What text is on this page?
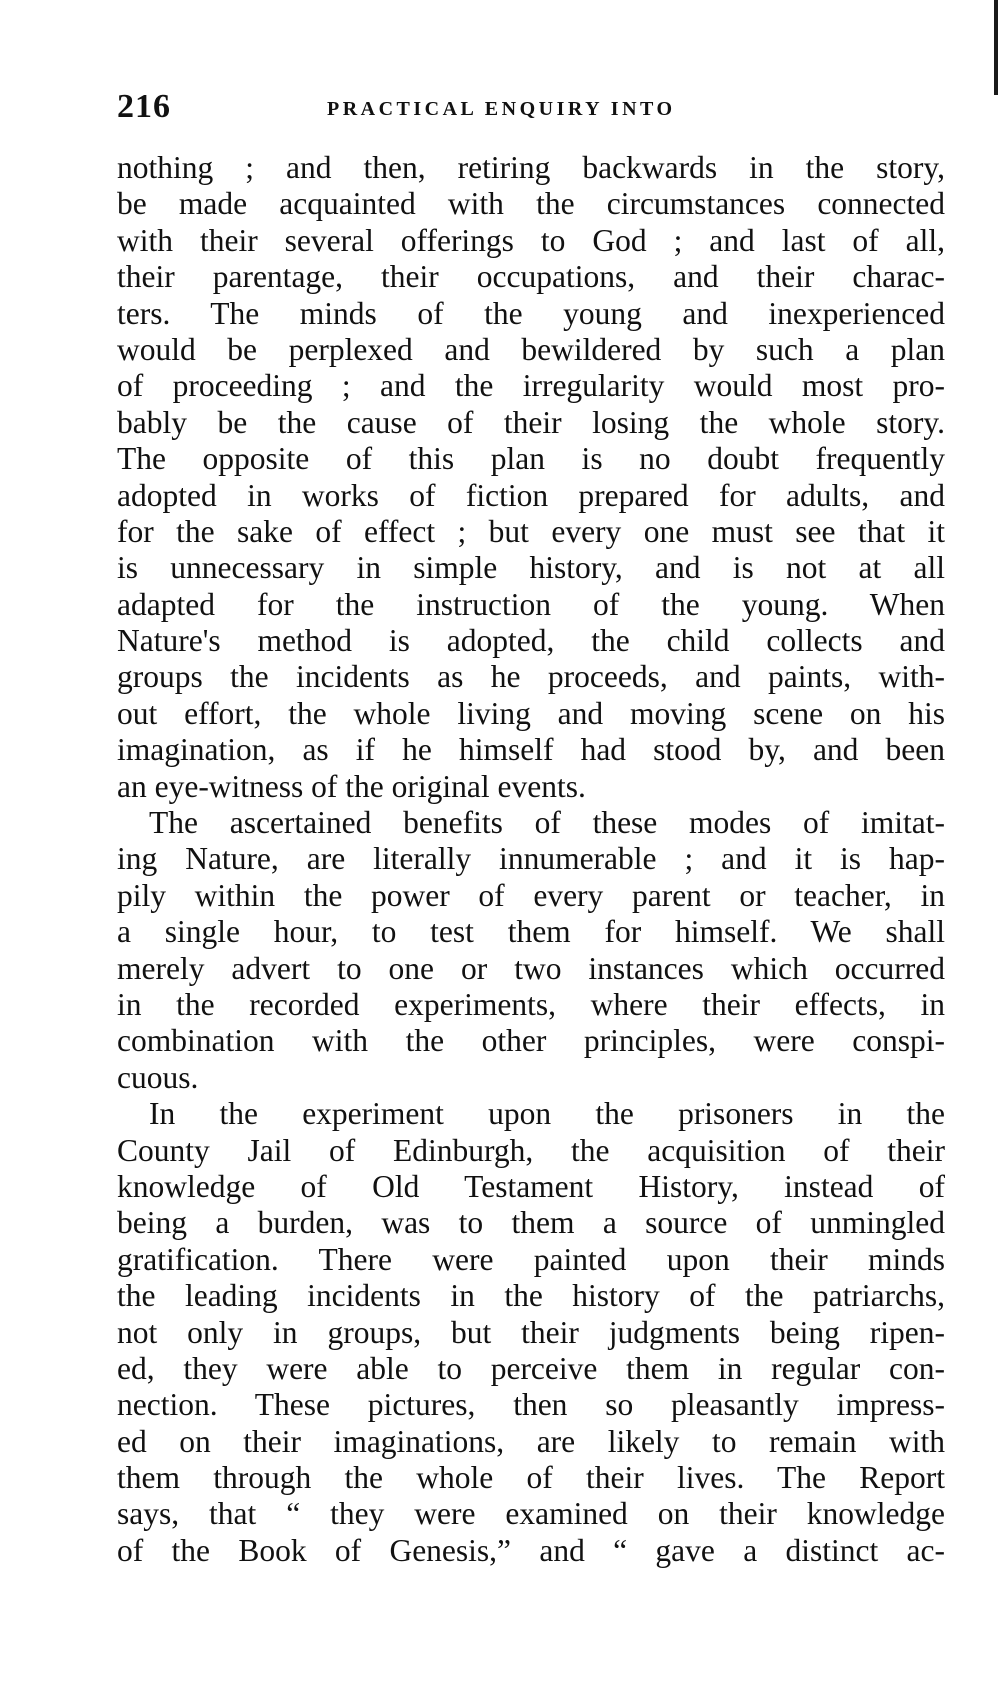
216	PRACTICAL ENQUIRY INTO
nothing ; and then, retiring backwards in the story,
be made acquainted with the circumstances connected
with their several offerings to God ; and last of all,
their parentage, their occupations, and their charac-
ters. The minds of the young and inexperienced
would be perplexed and bewildered by such a plan
of proceeding ; and the irregularity would most pro-
bably be the cause of their losing the whole story.
The opposite of this plan is no doubt frequently
adopted in works of fiction prepared for adults, and
for the sake of effect ; but every one must see that it
is unnecessary in simple history, and is not at all
adapted for the instruction of the young. When
Nature's method is adopted, the child collects and
groups the incidents as he proceeds, and paints, with-
out effort, the whole living and moving scene on his
imagination, as if he himself had stood by, and been
an eye-witness of the original events.
The ascertained benefits of these modes of imitat-
ing Nature, are literally innumerable ; and it is hap-
pily within the power of every parent or teacher, in
a single hour, to test them for himself. We shall
merely advert to one or two instances which occurred
in the recorded experiments, where their effects, in
combination with the other principles, were conspi-
cuous.
In the experiment upon the prisoners in the
County Jail of Edinburgh, the acquisition of their
knowledge of Old Testament History, instead of
being a burden, was to them a source of unmingled
gratification. There were painted upon their minds
the leading incidents in the history of the patriarchs,
not only in groups, but their judgments being ripen-
ed, they were able to perceive them in regular con-
nection. These pictures, then so pleasantly impress-
ed on their imaginations, are likely to remain with
them through the whole of their lives. The Report
says, that “ they were examined on their knowledge
of the Book of Genesis,” and “ gave a distinct ac-
